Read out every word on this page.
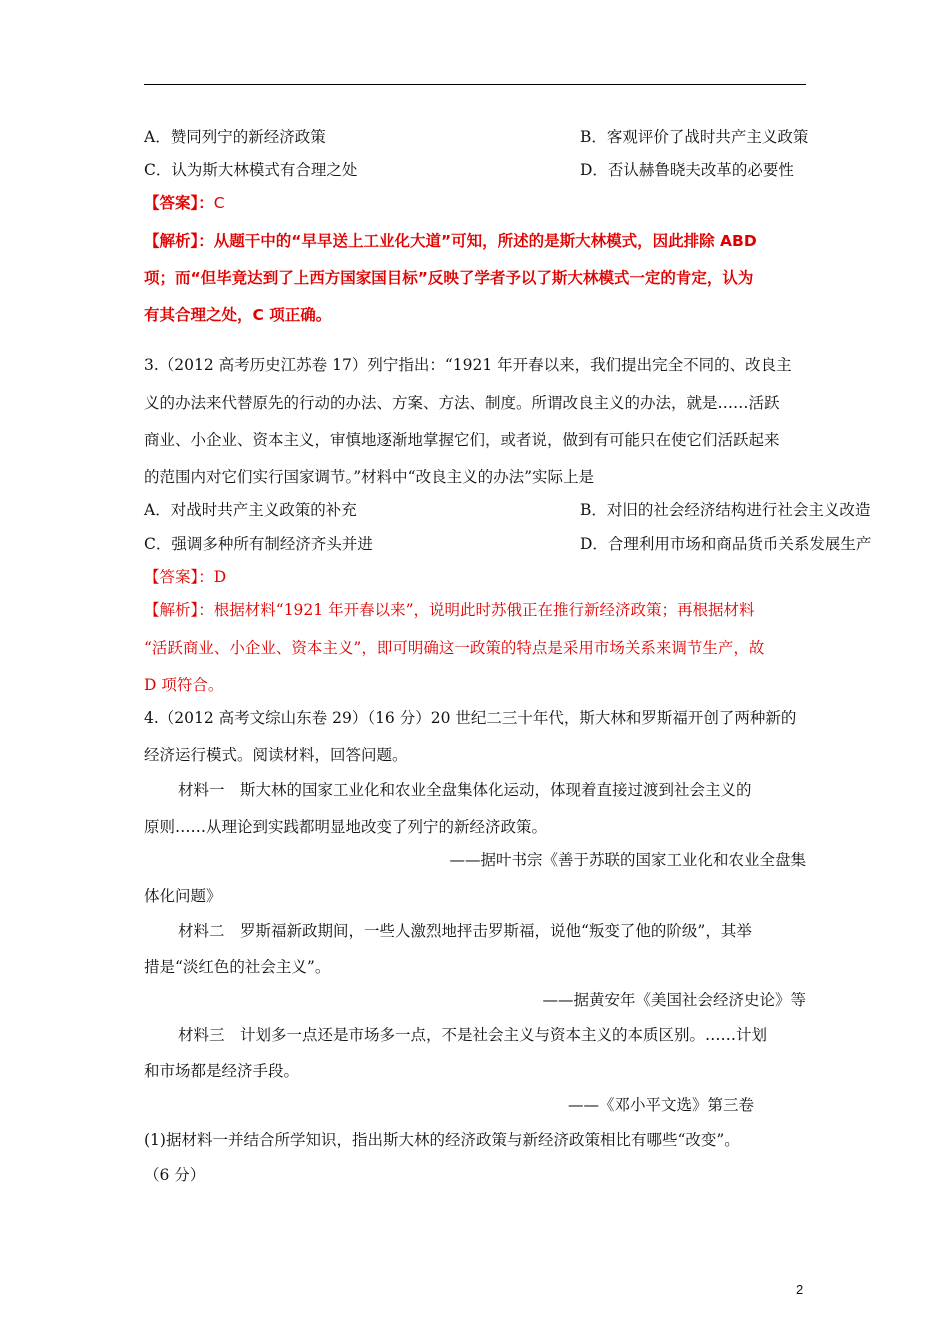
A．赞同列宁的新经济政策	B．客观评价了战时共产主义政策
C．认为斯大林模式有合理之处	D．否认赫鲁晓夫改革的必要性
【答案】：C
【解析】：从题干中的“早早送上工业化大道”可知，所述的是斯大林模式，因此排除 ABD
项；而“但毕竟达到了上西方国家国目标”反映了学者予以了斯大林模式一定的肯定，认为
有其合理之处，C 项正确。
3.（2012 高考历史江苏卷 17）列宁指出：“1921 年开春以来，我们提出完全不同的、改良主
义的办法来代替原先的行动的办法、方案、方法、制度。所谓改良主义的办法，就是……活跃
商业、小企业、资本主义，审慎地逐渐地掌握它们，或者说，做到有可能只在使它们活跃起来
的范围内对它们实行国家调节。”材料中“改良主义的办法”实际上是
A．对战时共产主义政策的补充	B．对旧的社会经济结构进行社会主义改造
C．强调多种所有制经济齐头并进	D．合理利用市场和商品货币关系发展生产
【答案】：D
【解析】：根据材料“1921 年开春以来”，说明此时苏俄正在推行新经济政策；再根据材料
“活跃商业、小企业、资本主义”，即可明确这一政策的特点是采用市场关系来调节生产，故
D 项符合。
4.（2012 高考文综山东卷 29）（16 分）20 世纪二三十年代，斯大林和罗斯福开创了两种新的
经济运行模式。阅读材料，回答问题。
材料一　斯大林的国家工业化和农业全盘集体化运动，体现着直接过渡到社会主义的
原则……从理论到实践都明显地改变了列宁的新经济政策。
——据叶书宗《善于苏联的国家工业化和农业全盘集
体化问题》
材料二　罗斯福新政期间，一些人激烈地抨击罗斯福，说他“叛变了他的阶级”，其举
措是“淡红色的社会主义”。
——据黄安年《美国社会经济史论》等
材料三　计划多一点还是市场多一点，不是社会主义与资本主义的本质区别。……计划
和市场都是经济手段。
——《邓小平文选》第三卷
(1)据材料一并结合所学知识，指出斯大林的经济政策与新经济政策相比有哪些“改变”。
（6 分）
2
